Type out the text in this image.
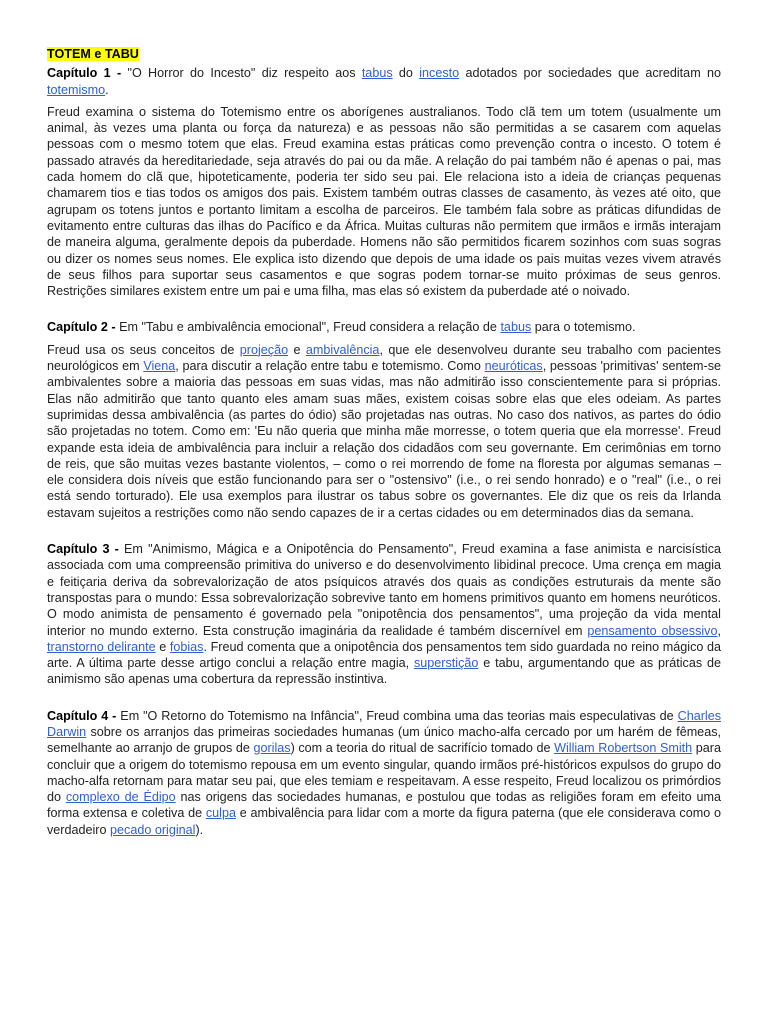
TOTEM e TABU

Capítulo 1 - "O Horror do Incesto" diz respeito aos tabus do incesto adotados por sociedades que acreditam no totemismo.

Freud examina o sistema do Totemismo entre os aborígenes australianos. Todo clã tem um totem (usualmente um animal, às vezes uma planta ou força da natureza) e as pessoas não são permitidas a se casarem com aquelas pessoas com o mesmo totem que elas. Freud examina estas práticas como prevenção contra o incesto. O totem é passado através da hereditariedade, seja através do pai ou da mãe. A relação do pai também não é apenas o pai, mas cada homem do clã que, hipoteticamente, poderia ter sido seu pai. Ele relaciona isto a ideia de crianças pequenas chamarem tios e tias todos os amigos dos pais. Existem também outras classes de casamento, às vezes até oito, que agrupam os totens juntos e portanto limitam a escolha de parceiros. Ele também fala sobre as práticas difundidas de evitamento entre culturas das ilhas do Pacífico e da África. Muitas culturas não permitem que irmãos e irmãs interajam de maneira alguma, geralmente depois da puberdade. Homens não são permitidos ficarem sozinhos com suas sogras ou dizer os nomes seus nomes. Ele explica isto dizendo que depois de uma idade os pais muitas vezes vivem através de seus filhos para suportar seus casamentos e que sogras podem tornar-se muito próximas de seus genros. Restrições similares existem entre um pai e uma filha, mas elas só existem da puberdade até o noivado.

Capítulo 2 - Em "Tabu e ambivalência emocional", Freud considera a relação de tabus para o totemismo.

Freud usa os seus conceitos de projeção e ambivalência, que ele desenvolveu durante seu trabalho com pacientes neurológicos em Viena, para discutir a relação entre tabu e totemismo. Como neuróticas, pessoas 'primitivas' sentem-se ambivalentes sobre a maioria das pessoas em suas vidas, mas não admitirão isso conscientemente para si próprias. Elas não admitirão que tanto quanto eles amam suas mães, existem coisas sobre elas que eles odeiam. As partes suprimidas dessa ambivalência (as partes do ódio) são projetadas nas outras. No caso dos nativos, as partes do ódio são projetadas no totem. Como em: 'Eu não queria que minha mãe morresse, o totem queria que ela morresse'. Freud expande esta ideia de ambivalência para incluir a relação dos cidadãos com seu governante. Em cerimônias em torno de reis, que são muitas vezes bastante violentos, – como o rei morrendo de fome na floresta por algumas semanas – ele considera dois níveis que estão funcionando para ser o "ostensivo" (i.e., o rei sendo honrado) e o "real" (i.e., o rei está sendo torturado). Ele usa exemplos para ilustrar os tabus sobre os governantes. Ele diz que os reis da Irlanda estavam sujeitos a restrições como não sendo capazes de ir a certas cidades ou em determinados dias da semana.

Capítulo 3 - Em "Animismo, Mágica e a Onipotência do Pensamento", Freud examina a fase animista e narcisística associada com uma compreensão primitiva do universo e do desenvolvimento libidinal precoce. Uma crença em magia e feitiçaria deriva da sobrevalorização de atos psíquicos através dos quais as condições estruturais da mente são transpostas para o mundo: Essa sobrevalorização sobrevive tanto em homens primitivos quanto em homens neuróticos. O modo animista de pensamento é governado pela "onipotência dos pensamentos", uma projeção da vida mental interior no mundo externo. Esta construção imaginária da realidade é também discernível em pensamento obsessivo, transtorno delirante e fobias. Freud comenta que a onipotência dos pensamentos tem sido guardada no reino mágico da arte. A última parte desse artigo conclui a relação entre magia, superstição e tabu, argumentando que as práticas de animismo são apenas uma cobertura da repressão instintiva.

Capítulo 4 - Em "O Retorno do Totemismo na Infância", Freud combina uma das teorias mais especulativas de Charles Darwin sobre os arranjos das primeiras sociedades humanas (um único macho-alfa cercado por um harém de fêmeas, semelhante ao arranjo de grupos de gorilas) com a teoria do ritual de sacrifício tomado de William Robertson Smith para concluir que a origem do totemismo repousa em um evento singular, quando irmãos pré-históricos expulsos do grupo do macho-alfa retornam para matar seu pai, que eles temiam e respeitavam. A esse respeito, Freud localizou os primórdios do complexo de Édipo nas origens das sociedades humanas, e postulou que todas as religiões foram em efeito uma forma extensa e coletiva de culpa e ambivalência para lidar com a morte da figura paterna (que ele considerava como o verdadeiro pecado original).
